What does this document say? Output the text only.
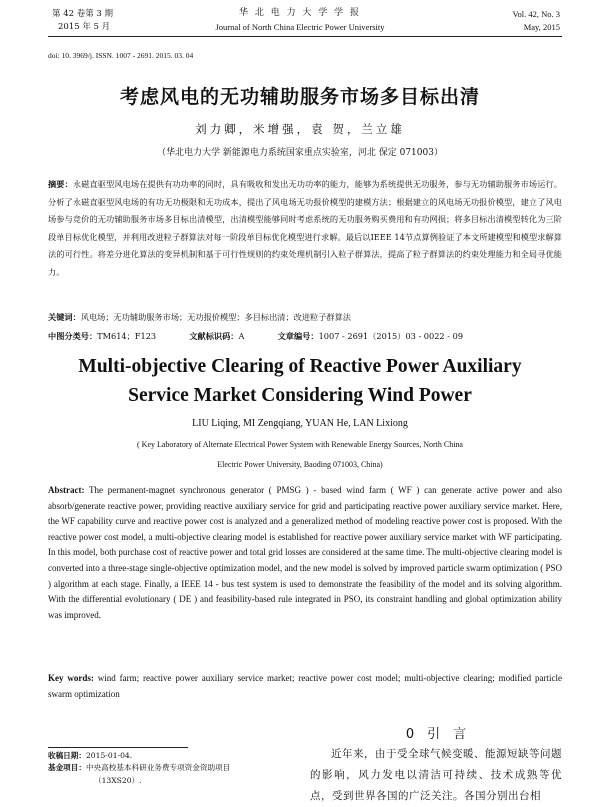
第 42 卷第 3 期
2015 年 5 月
华 北 电 力 大 学 学 报
Journal of North China Electric Power University
Vol. 42, No. 3
May, 2015
doi: 10. 3969/j. ISSN. 1007 - 2691. 2015. 03. 04
考虑风电的无功辅助服务市场多目标出清
刘力卿，米增强，袁 贺，兰立雄
（华北电力大学 新能源电力系统国家重点实验室，河北 保定 071003）
摘要：永磁直驱型风电场在提供有功功率的同时，具有吸收和发出无功功率的能力，能够为系统提供无功服务，参与无功辅助服务市场运行。分析了永磁直驱型风电场的有功无功极限和无功成本，提出了风电场无功报价模型的建模方法；根据建立的风电场无功报价模型，建立了风电场参与竞价的无功辅助服务市场多目标出清模型，出清模型能够同时考虑系统的无功服务购买费用和有功网损；将多目标出清模型转化为三阶段单目标优化模型，并利用改进粒子群算法对每一阶段单目标优化模型进行求解。最后以IEEE 14节点算例验证了本文所建模型和模型求解算法的可行性。将差分进化算法的变异机制和基于可行性规则的约束处理机制引入粒子群算法，提高了粒子群算法的约束处理能力和全局寻优能力。
关键词：风电场；无功辅助服务市场；无功报价模型；多目标出清；改进粒子群算法
中图分类号：TM614；F123	文献标识码：A	文章编号：1007 - 2691（2015）03 - 0022 - 09
Multi-objective Clearing of Reactive Power Auxiliary
Service Market Considering Wind Power
LIU Liqing, MI Zengqiang, YUAN He, LAN Lixiong
( Key Laboratory of Alternate Electrical Power System with Renewable Energy Sources, North China
Electric Power University, Baoding 071003, China)
Abstract: The permanent-magnet synchronous generator ( PMSG ) - based wind farm ( WF ) can generate active power and also absorb/generate reactive power, providing reactive auxiliary service for grid and participating reactive power auxiliary service market. Here, the WF capability curve and reactive power cost is analyzed and a generalized method of modeling reactive power cost is proposed. With the reactive power cost model, a multi-objective clearing model is established for reactive power auxiliary service market with WF participating. In this model, both purchase cost of reactive power and total grid losses are considered at the same time. The multi-objective clearing model is converted into a three-stage single-objective optimization model, and the new model is solved by improved particle swarm optimization ( PSO ) algorithm at each stage. Finally, a IEEE 14 - bus test system is used to demonstrate the feasibility of the model and its solving algorithm. With the differential evolutionary ( DE ) and feasibility-based rule integrated in PSO, its constraint handling and global optimization ability was improved.
Key words: wind farm; reactive power auxiliary service market; reactive power cost model; multi-objective clearing; modified particle swarm optimization
0　引　言
近年来，由于受全球气候变暖、能源短缺等问题的影响，风力发电以清洁可持续、技术成熟等优点，受到世界各国的广泛关注。各国分别出台相
收稿日期：2015-01-04.
基金项目：中央高校基本科研业务费专项资金资助项目
（13XS20）.
